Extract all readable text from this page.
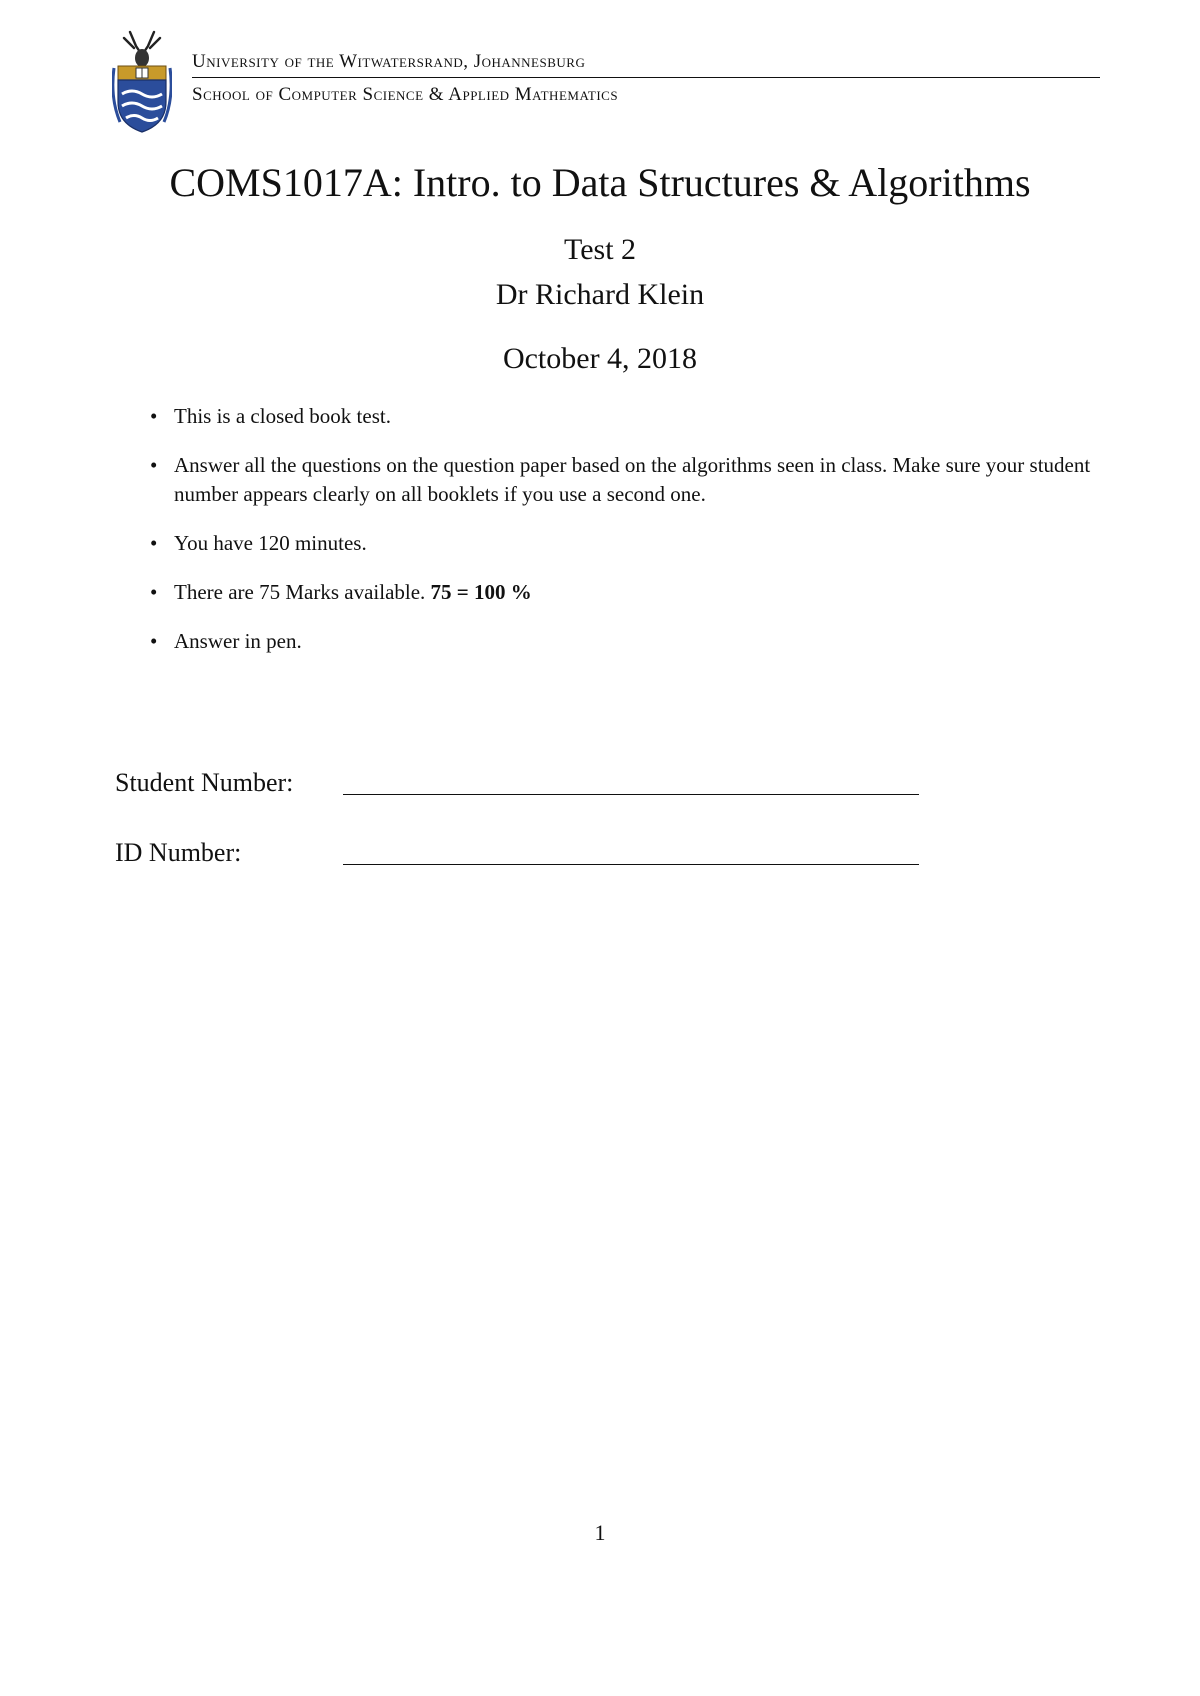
University of the Witwatersrand, Johannesburg
School of Computer Science & Applied Mathematics
COMS1017A: Intro. to Data Structures & Algorithms
Test 2
Dr Richard Klein
October 4, 2018
• This is a closed book test.
• Answer all the questions on the question paper based on the algorithms seen in class. Make sure your student number appears clearly on all booklets if you use a second one.
• You have 120 minutes.
• There are 75 Marks available. 75 = 100 %
• Answer in pen.
Student Number:
ID Number:
1
